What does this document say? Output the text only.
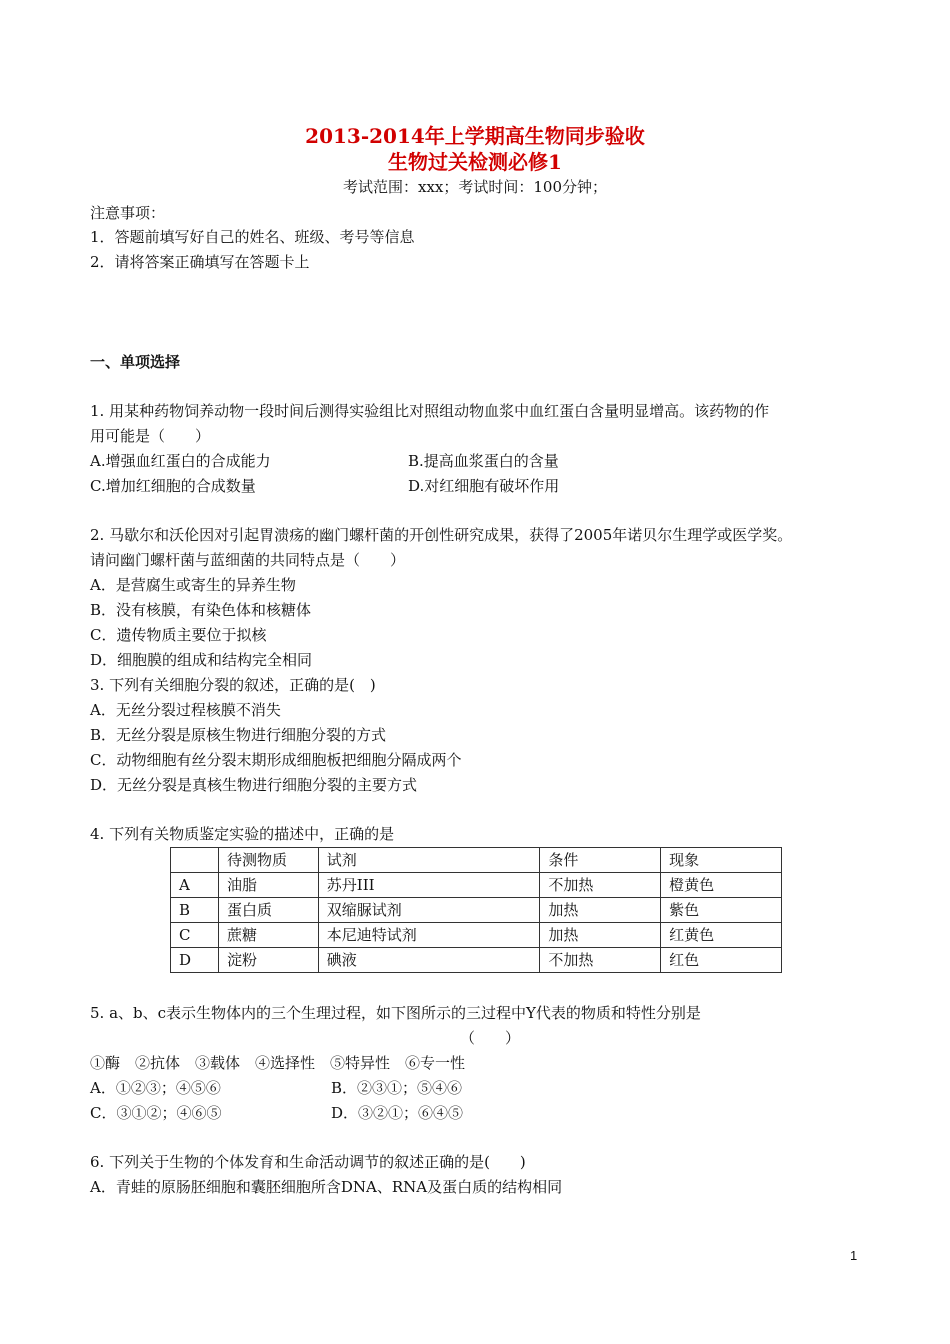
2013-2014年上学期高生物同步验收
生物过关检测必修1
考试范围：xxx；考试时间：100分钟；
注意事项：
1．答题前填写好自己的姓名、班级、考号等信息
2．请将答案正确填写在答题卡上
一、单项选择
1. 用某种药物饲养动物一段时间后测得实验组比对照组动物血浆中血红蛋白含量明显增高。该药物的作
用可能是（　　）
A.增强血红蛋白的合成能力	B.提高血浆蛋白的含量
C.增加红细胞的合成数量	D.对红细胞有破坏作用
2. 马歇尔和沃伦因对引起胃溃疡的幽门螺杆菌的开创性研究成果，获得了2005年诺贝尔生理学或医学奖。
请问幽门螺杆菌与蓝细菌的共同特点是（　　）
A．是营腐生或寄生的异养生物
B．没有核膜，有染色体和核糖体
C．遗传物质主要位于拟核
D．细胞膜的组成和结构完全相同
3. 下列有关细胞分裂的叙述，正确的是(　)
A．无丝分裂过程核膜不消失
B．无丝分裂是原核生物进行细胞分裂的方式
C．动物细胞有丝分裂末期形成细胞板把细胞分隔成两个
D．无丝分裂是真核生物进行细胞分裂的主要方式
4. 下列有关物质鉴定实验的描述中，正确的是
	待测物质	试剂	条件	现象
A	油脂	苏丹III	不加热	橙黄色
B	蛋白质	双缩脲试剂	加热	紫色
C	蔗糖	本尼迪特试剂	加热	红黄色
D	淀粉	碘液	不加热	红色
5. a、b、c表示生物体内的三个生理过程，如下图所示的三过程中Y代表的物质和特性分别是
（　　）
①酶　②抗体　③载体　④选择性　⑤特异性　⑥专一性
A．①②③；④⑤⑥	B．②③①；⑤④⑥
C．③①②；④⑥⑤	D．③②①；⑥④⑤
6. 下列关于生物的个体发育和生命活动调节的叙述正确的是(　　)
A．青蛙的原肠胚细胞和囊胚细胞所含DNA、RNA及蛋白质的结构相同
1
